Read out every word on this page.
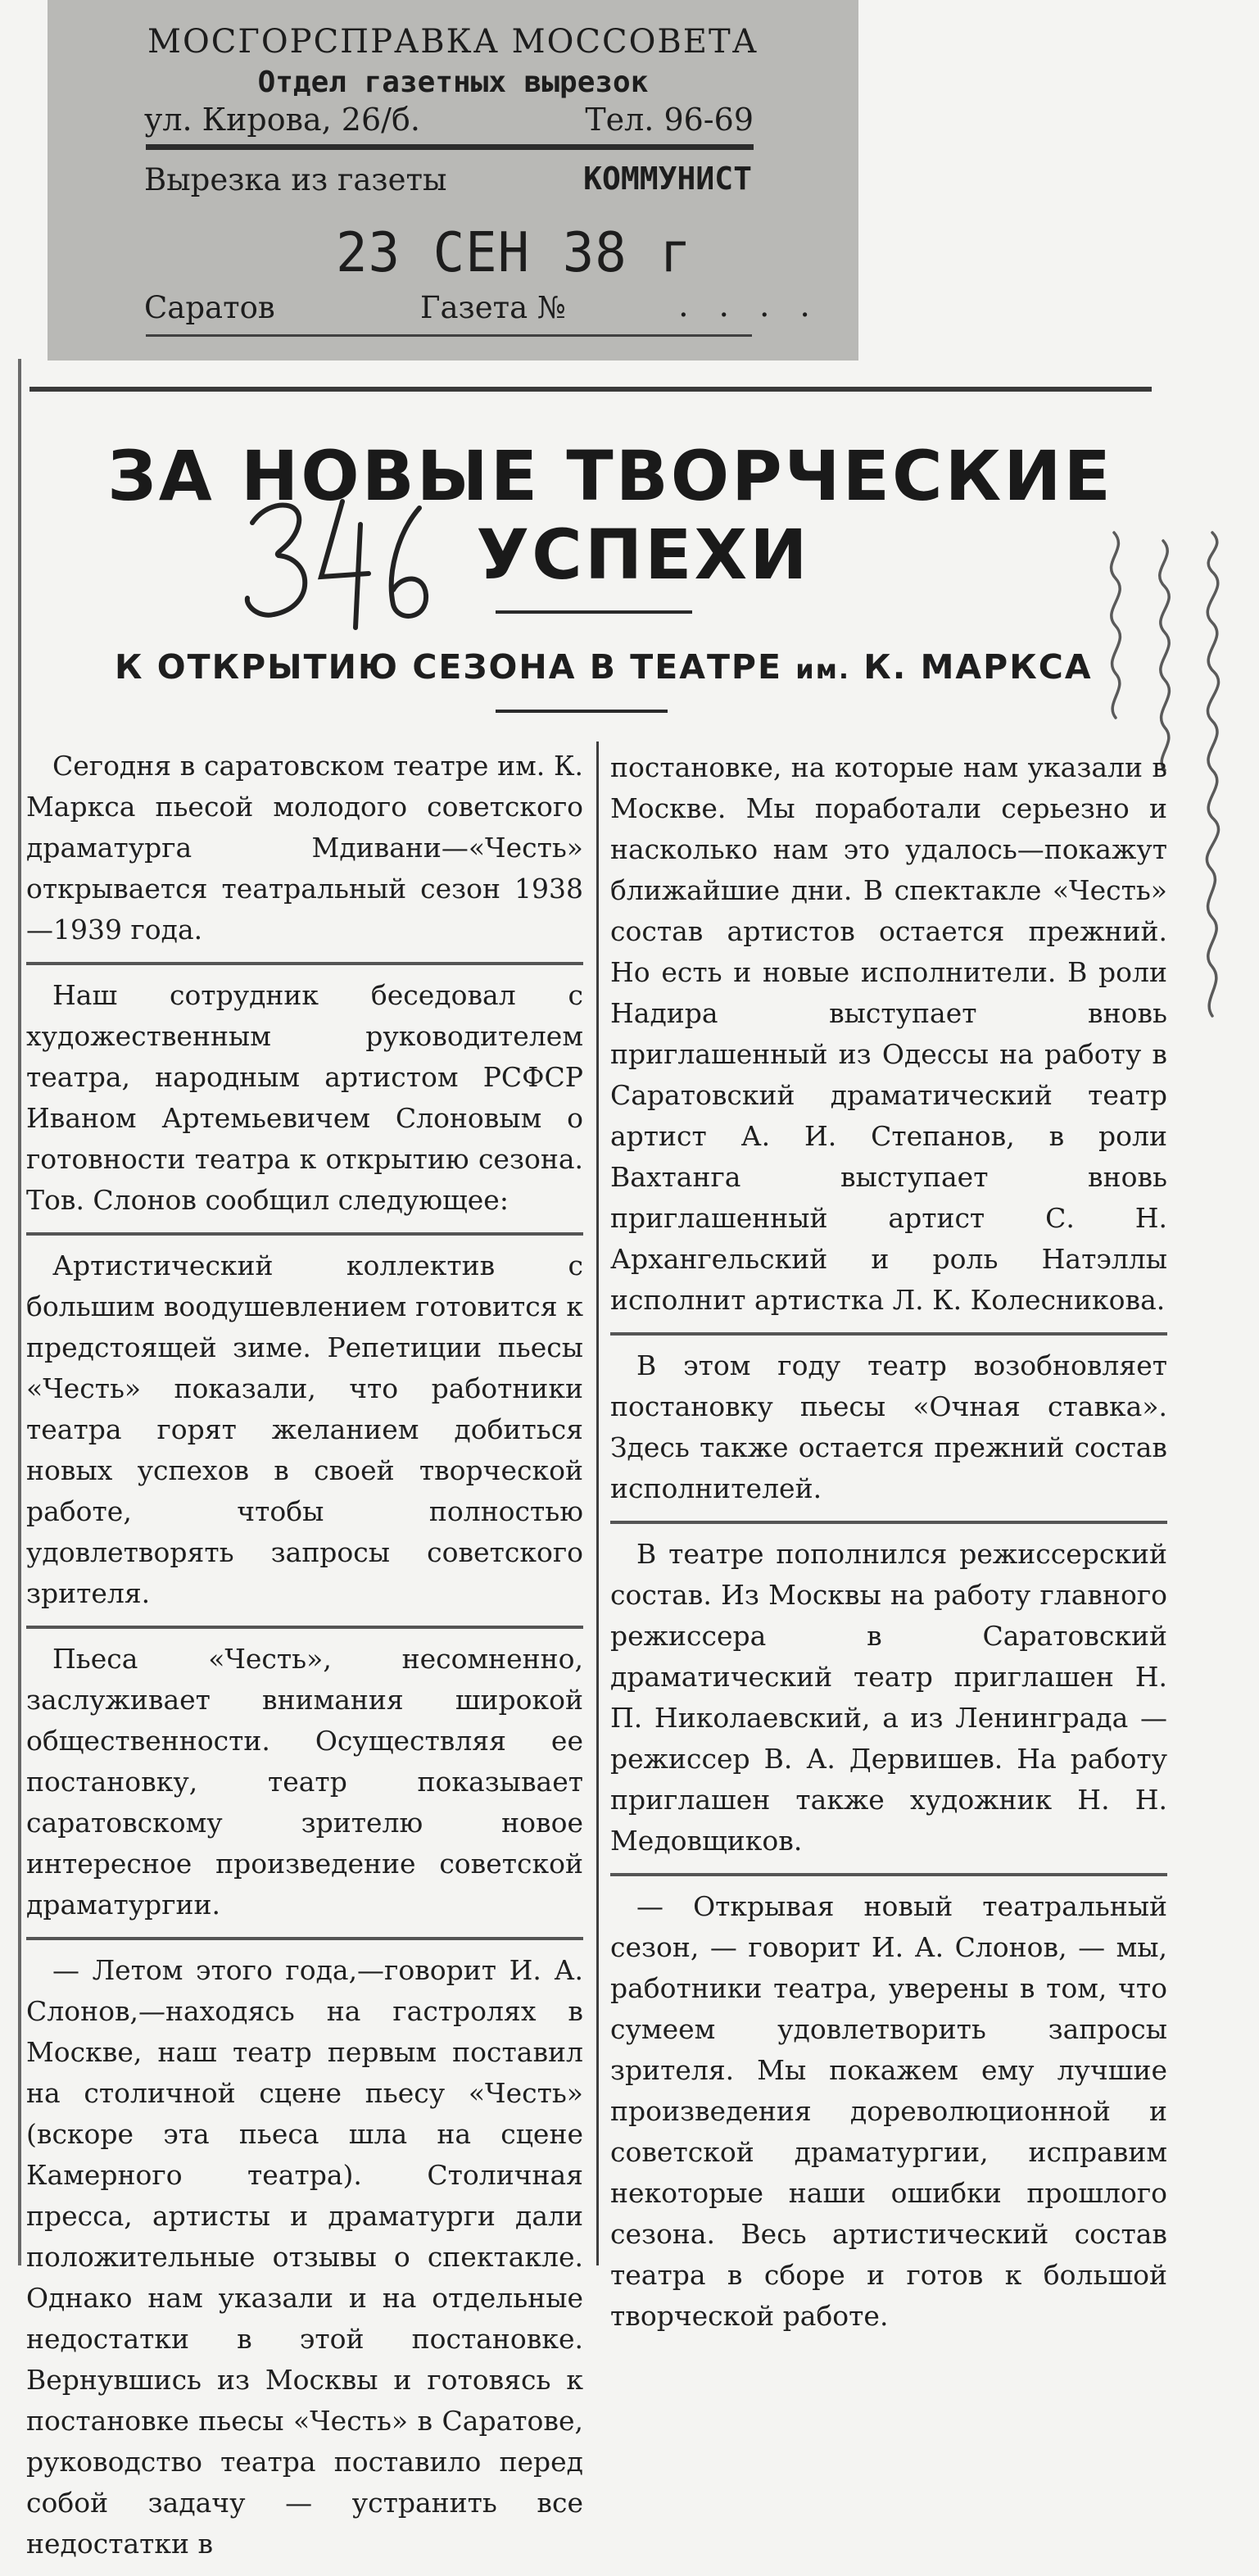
МОСГОРСПРАВКА МОССОВЕТА
Отдел газетных вырезок
ул. Кирова, 26/б.	Тел. 96-69
Вырезка из газеты	КОММУНИСТ
23 СЕН 38 г
Саратов	Газета №	. . . .
ЗА НОВЫЕ ТВОРЧЕСКИЕ
УСПЕХИ
К ОТКРЫТИЮ СЕЗОНА В ТЕАТРЕ им. К. МАРКСА

Сегодня в саратовском театре им. К. Маркса пьесой молодого советского драматурга Мдивани—«Честь» открывается театральный сезон 1938—1939 года.

Наш сотрудник беседовал с художественным руководителем театра, народным артистом РСФСР Иваном Артемьевичем Слоновым о готовности театра к открытию сезона. Тов. Слонов сообщил следующее:

Артистический коллектив с большим воодушевлением готовится к предстоящей зиме. Репетиции пьесы «Честь» показали, что работники театра горят желанием добиться новых успехов в своей творческой работе, чтобы полностью удовлетворять запросы советского зрителя.

Пьеса «Честь», несомненно, заслуживает внимания широкой общественности. Осуществляя ее постановку, театр показывает саратовскому зрителю новое интересное произведение советской драматургии.

— Летом этого года,—говорит И. А. Слонов,—находясь на гастролях в Москве, наш театр первым поставил на столичной сцене пьесу «Честь» (вскоре эта пьеса шла на сцене Камерного театра). Столичная пресса, артисты и драматурги дали положительные отзывы о спектакле. Однако нам указали и на отдельные недостатки в этой постановке. Вернувшись из Москвы и готовясь к постановке пьесы «Честь» в Саратове, руководство театра поставило перед собой задачу — устранить все недостатки в

постановке, на которые нам указали в Москве. Мы поработали серьезно и насколько нам это удалось—покажут ближайшие дни. В спектакле «Честь» состав артистов остается прежний. Но есть и новые исполнители. В роли Надира выступает вновь приглашенный из Одессы на работу в Саратовский драматический театр артист А. И. Степанов, в роли Вахтанга выступает вновь приглашенный артист С. Н. Архангельский и роль Натэллы исполнит артистка Л. К. Колесникова.

В этом году театр возобновляет постановку пьесы «Очная ставка». Здесь также остается прежний состав исполнителей.

В театре пополнился режиссерский состав. Из Москвы на работу главного режиссера в Саратовский драматический театр приглашен Н. П. Николаевский, а из Ленинграда — режиссер В. А. Дервишев. На работу приглашен также художник Н. Н. Медовщиков.

— Открывая новый театральный сезон, — говорит И. А. Слонов, — мы, работники театра, уверены в том, что сумеем удовлетворить запросы зрителя. Мы покажем ему лучшие произведения дореволюционной и советской драматургии, исправим некоторые наши ошибки прошлого сезона. Весь артистический состав театра в сборе и готов к большой творческой работе.
